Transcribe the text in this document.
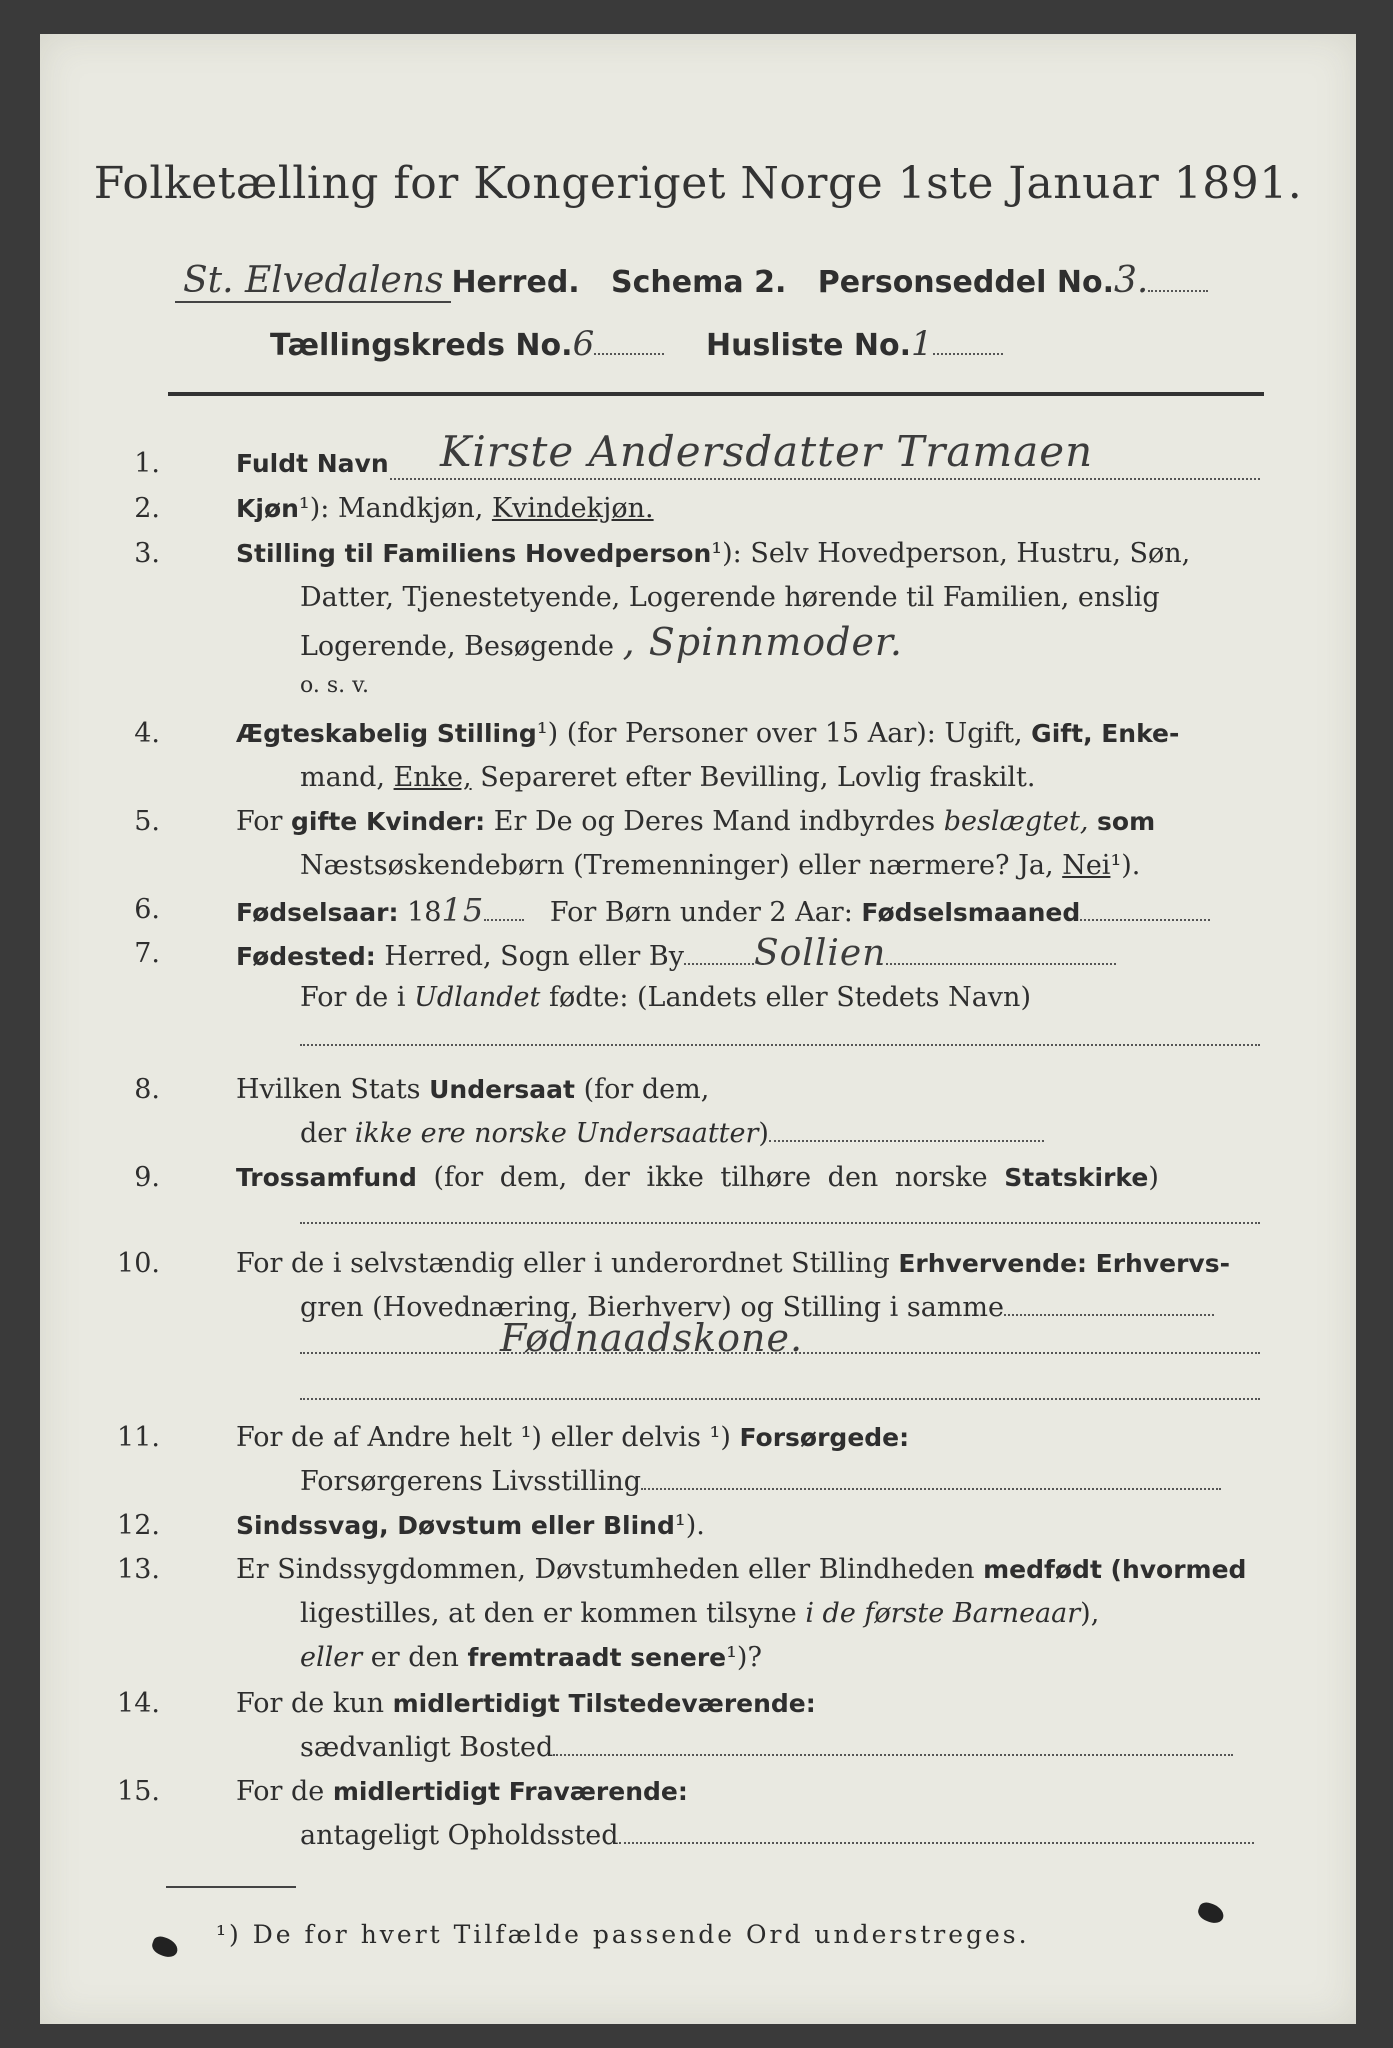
Folketælling for Kongeriget Norge 1ste Januar 1891.
St. Elvedalens Herred. Schema 2. Personseddel No.3.
Tællingskreds No.6	Husliste No.1
1.	Fuldt Navn Kirste Andersdatter Tramaen
2.	Kjøn¹): Mandkjøn, Kvindekjøn.
3.	Stilling til Familiens Hovedperson¹): Selv Hovedperson, Hustru, Søn,
Datter, Tjenestetyende, Logerende hørende til Familien, enslig
Logerende, Besøgende , Spinnmoder.
o. s. v.
4.	Ægteskabelig Stilling¹) (for Personer over 15 Aar): Ugift, Gift, Enke-
mand, Enke, Separeret efter Bevilling, Lovlig fraskilt.
5.	For gifte Kvinder: Er De og Deres Mand indbyrdes beslægtet, som
Næstsøskendebørn (Tremenninger) eller nærmere? Ja, Nei¹).
6.	Fødselsaar: 1815 For Børn under 2 Aar: Fødselsmaaned
7.	Fødested: Herred, Sogn eller By Sollien
For de i Udlandet fødte: (Landets eller Stedets Navn)
8.	Hvilken Stats Undersaat (for dem,
der ikke ere norske Undersaatter)
9.	Trossamfund (for dem, der ikke tilhøre den norske Statskirke)
10.	For de i selvstændig eller i underordnet Stilling Erhvervende: Erhvervs-
gren (Hovednæring, Bierhverv) og Stilling i samme
Fødnaadskone.
11.	For de af Andre helt ¹) eller delvis ¹) Forsørgede:
Forsørgerens Livsstilling
12.	Sindssvag, Døvstum eller Blind¹).
13.	Er Sindssygdommen, Døvstumheden eller Blindheden medfødt (hvormed
ligestilles, at den er kommen tilsyne i de første Barneaar),
eller er den fremtraadt senere¹)?
14.	For de kun midlertidigt Tilstedeværende:
sædvanligt Bosted
15.	For de midlertidigt Fraværende:
antageligt Opholdssted
¹) De for hvert Tilfælde passende Ord understreges.
